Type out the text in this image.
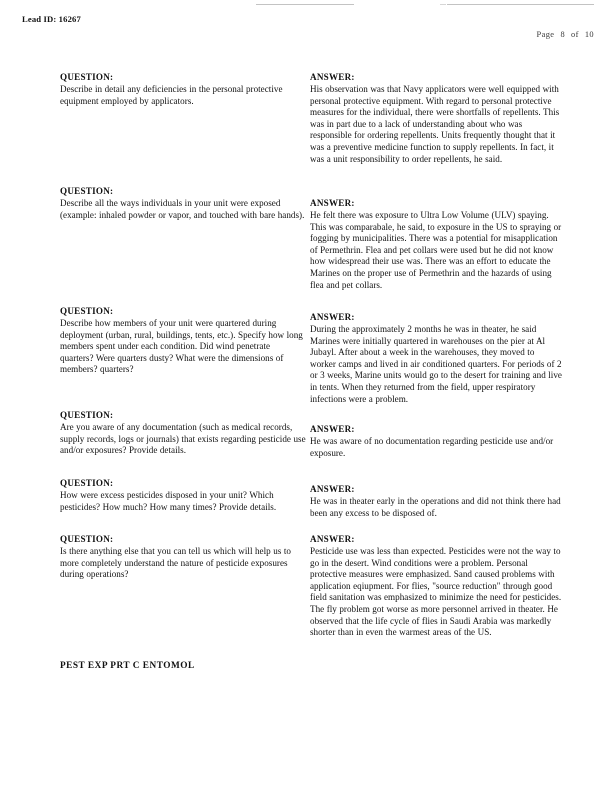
Lead ID: 16267
Page 8 of 10
QUESTION:
Describe in detail any deficiencies in the personal protective equipment employed by applicators.
QUESTION:
Describe all the ways individuals in your unit were exposed (example: inhaled powder or vapor, and touched with bare hands).
QUESTION:
Describe how members of your unit were quartered during deployment (urban, rural, buildings, tents, etc.). Specify how long members spent under each condition. Did wind penetrate quarters? Were quarters dusty? What were the dimensions of members? quarters?
QUESTION:
Are you aware of any documentation (such as medical records, supply records, logs or journals) that exists regarding pesticide use and/or exposures? Provide details.
QUESTION:
How were excess pesticides disposed in your unit? Which pesticides? How much? How many times? Provide details.
QUESTION:
Is there anything else that you can tell us which will help us to more completely understand the nature of pesticide exposures during operations?
ANSWER:
His observation was that Navy applicators were well equipped with personal protective equipment. With regard to personal protective measures for the individual, there were shortfalls of repellents. This was in part due to a lack of understanding about who was responsible for ordering repellents. Units frequently thought that it was a preventive medicine function to supply repellents. In fact, it was a unit responsibility to order repellents, he said.
ANSWER:
He felt there was exposure to Ultra Low Volume (ULV) spaying. This was comparabale, he said, to exposure in the US to spraying or fogging by municipalities. There was a potential for misapplication of Permethrin. Flea and pet collars were used but he did not know how widespread their use was. There was an effort to educate the Marines on the proper use of Permethrin and the hazards of using flea and pet collars.
ANSWER:
During the approximately 2 months he was in theater, he said Marines were initially quartered in warehouses on the pier at Al Jubayl. After about a week in the warehouses, they moved to worker camps and lived in air conditioned quarters. For periods of 2 or 3 weeks, Marine units would go to the desert for training and live in tents. When they returned from the field, upper respiratory infections were a problem.
ANSWER:
He was aware of no documentation regarding pesticide use and/or exposure.
ANSWER:
He was in theater early in the operations and did not think there had been any excess to be disposed of.
ANSWER:
Pesticide use was less than expected. Pesticides were not the way to go in the desert. Wind conditions were a problem. Personal protective measures were emphasized. Sand caused problems with application eqiupment. For flies, "source reduction" through good field sanitation was emphasized to minimize the need for pesticides. The fly problem got worse as more personnel arrived in theater. He observed that the life cycle of flies in Saudi Arabia was markedly shorter than in even the warmest areas of the US.
PEST EXP PRT C ENTOMOL
